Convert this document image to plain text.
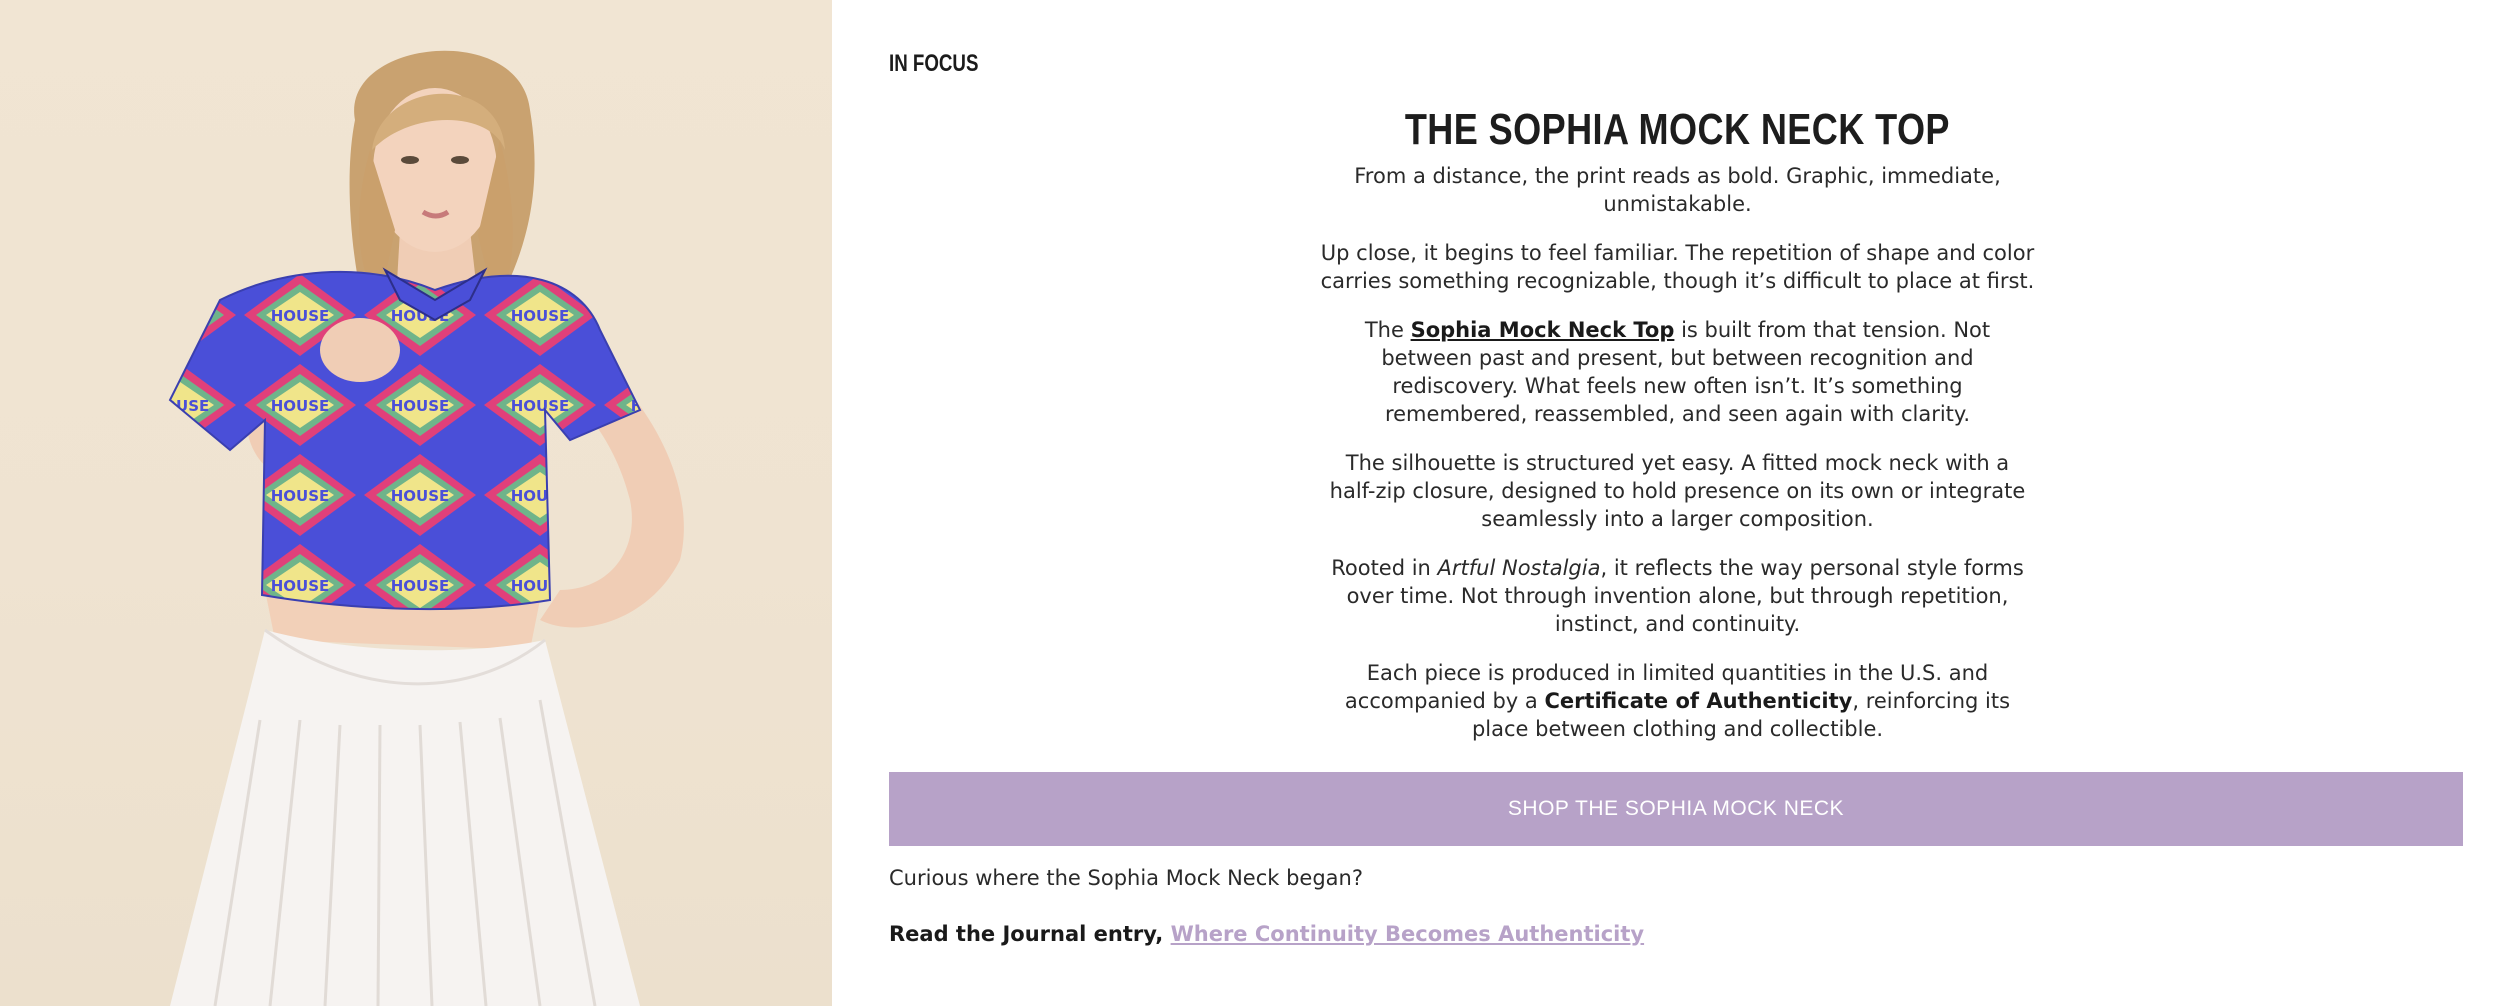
IN FOCUS
THE SOPHIA MOCK NECK TOP

From a distance, the print reads as bold. Graphic, immediate, unmistakable.

Up close, it begins to feel familiar. The repetition of shape and color carries something recognizable, though it’s difficult to place at first.

The Sophia Mock Neck Top is built from that tension. Not between past and present, but between recognition and rediscovery. What feels new often isn’t. It’s something remembered, reassembled, and seen again with clarity.

The silhouette is structured yet easy. A fitted mock neck with a half-zip closure, designed to hold presence on its own or integrate seamlessly into a larger composition.

Rooted in Artful Nostalgia, it reflects the way personal style forms over time. Not through invention alone, but through repetition, instinct, and continuity.

Each piece is produced in limited quantities in the U.S. and accompanied by a Certificate of Authenticity, reinforcing its place between clothing and collectible.

SHOP THE SOPHIA MOCK NECK
Curious where the Sophia Mock Neck began?
Read the Journal entry, Where Continuity Becomes Authenticity
